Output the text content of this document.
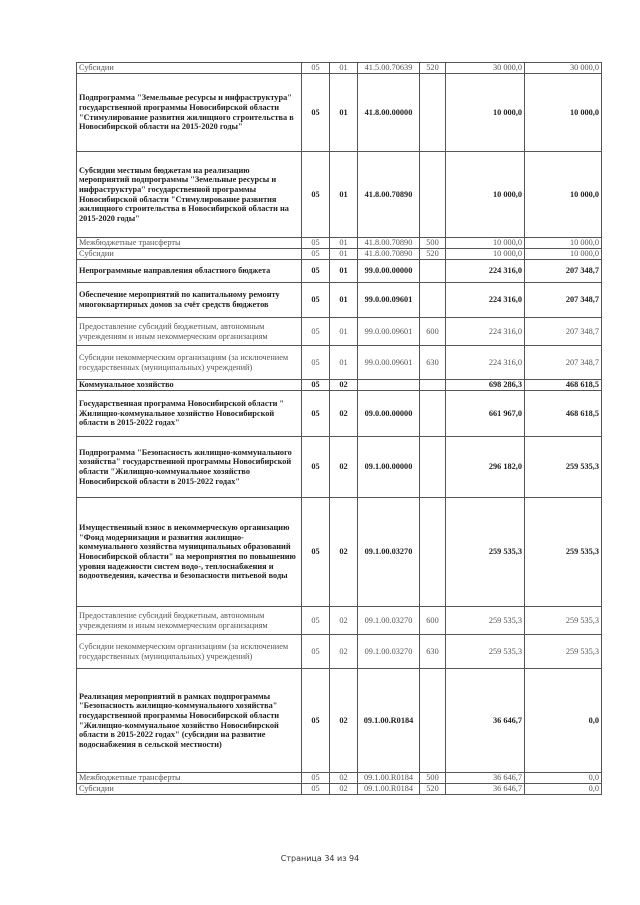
Субсидии	05	01	41.5.00.70639	520	30 000,0	30 000,0
Подпрограмма "Земельные ресурсы и инфраструктура" государственной программы Новосибирской области "Стимулирование развития жилищного строительства в Новосибирской области на 2015-2020 годы"	05	01	41.8.00.00000		10 000,0	10 000,0
Субсидии местным бюджетам на реализацию мероприятий подпрограммы "Земельные ресурсы и инфраструктура" государственной программы Новосибирской области "Стимулирование развития жилищного строительства в Новосибирской области на 2015-2020 годы"	05	01	41.8.00.70890		10 000,0	10 000,0
Межбюджетные трансферты	05	01	41.8.00.70890	500	10 000,0	10 000,0
Субсидии	05	01	41.8.00.70890	520	10 000,0	10 000,0
Непрограммные направления областного бюджета	05	01	99.0.00.00000		224 316,0	207 348,7
Обеспечение мероприятий по капитальному ремонту многоквартирных домов за счёт средств бюджетов	05	01	99.0.00.09601		224 316,0	207 348,7
Предоставление субсидий бюджетным, автономным учреждениям и иным некоммерческим организациям	05	01	99.0.00.09601	600	224 316,0	207 348,7
Субсидии некоммерческим организациям (за исключением государственных (муниципальных) учреждений)	05	01	99.0.00.09601	630	224 316,0	207 348,7
Коммунальное хозяйство	05	02			698 286,3	468 618,5
Государственная программа Новосибирской области " Жилищно-коммунальное хозяйство Новосибирской области в 2015-2022 годах"	05	02	09.0.00.00000		661 967,0	468 618,5
Подпрограмма "Безопасность жилищно-коммунального хозяйства" государственной программы Новосибирской области "Жилищно-коммунальное хозяйство Новосибирской области в 2015-2022 годах"	05	02	09.1.00.00000		296 182,0	259 535,3
Имущественный взнос в некоммерческую организацию "Фонд модернизации и развития жилищно-коммунального хозяйства муниципальных образований Новосибирской области" на мероприятия по повышению уровня надежности систем водо-, теплоснабжения и водоотведения, качества и безопасности питьевой воды	05	02	09.1.00.03270		259 535,3	259 535,3
Предоставление субсидий бюджетным, автономным учреждениям и иным некоммерческим организациям	05	02	09.1.00.03270	600	259 535,3	259 535,3
Субсидии некоммерческим организациям (за исключением государственных (муниципальных) учреждений)	05	02	09.1.00.03270	630	259 535,3	259 535,3
Реализация мероприятий в рамках подпрограммы "Безопасность жилищно-коммунального хозяйства" государственной программы Новосибирской области "Жилищно-коммунальное хозяйство Новосибирской области в 2015-2022 годах" (субсидии на развитие водоснабжения в сельской местности)	05	02	09.1.00.R0184		36 646,7	0,0
Межбюджетные трансферты	05	02	09.1.00.R0184	500	36 646,7	0,0
Субсидии	05	02	09.1.00.R0184	520	36 646,7	0,0
Страница 34 из 94
